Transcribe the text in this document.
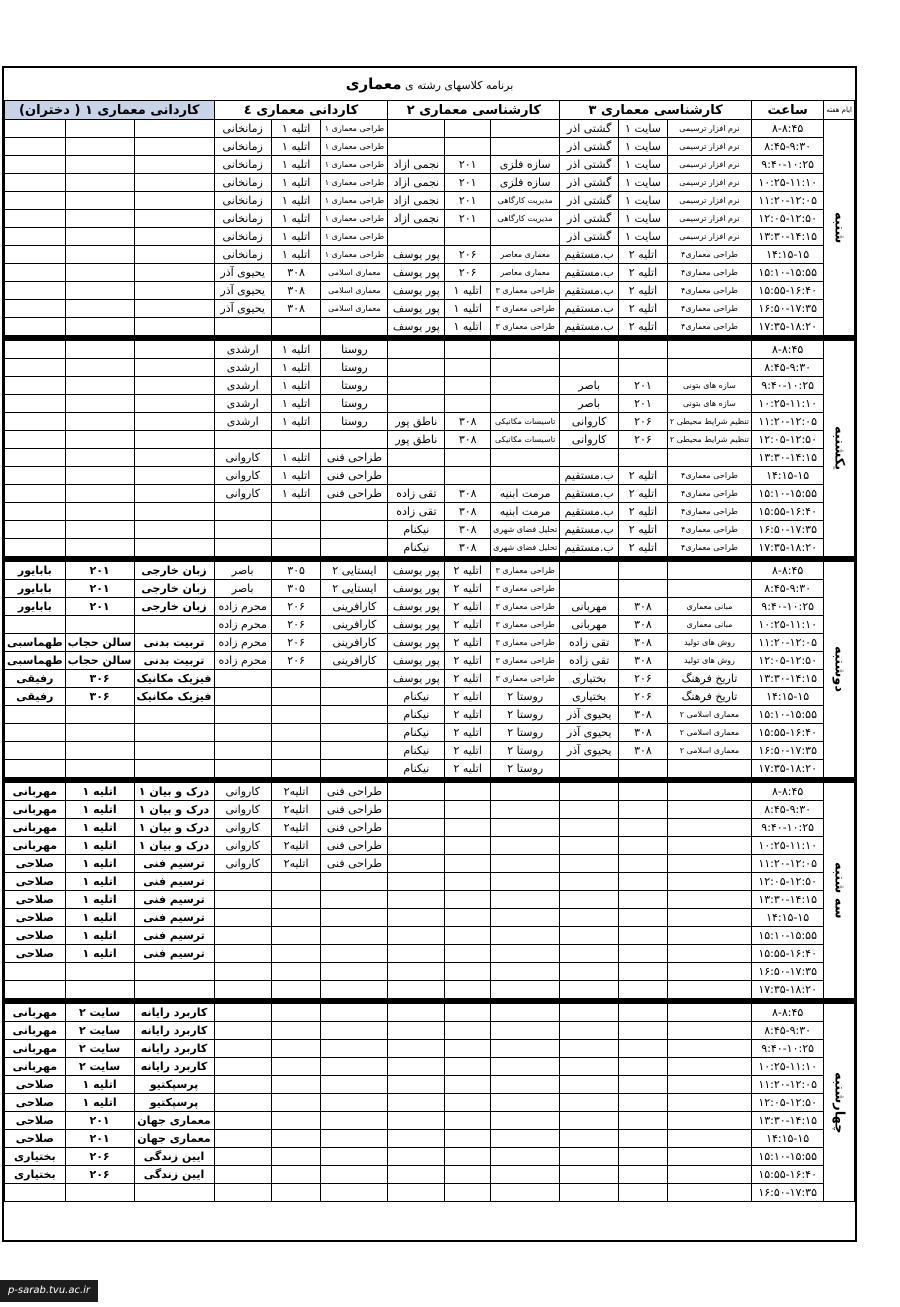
برنامه کلاسهای رشته ی معماری
ایام هفته	ساعت	کارشناسی معماری ۳			کارشناسی معماری ۲			کاردانی معماری ٤			کاردانی معماری ۱ ( دختران)		
شنبه	۸-۸:۴۵	نرم افزار ترسیمی	سایت ۱	گشتی اذر				طراحی معماری ۱	اتلیه ۱	زمانخانی			
	۸:۴۵-۹:۳۰	نرم افزار ترسیمی	سایت ۱	گشتی اذر				طراحی معماری ۱	اتلیه ۱	زمانخانی			
	۹:۴۰-۱۰:۲۵	نرم افزار ترسیمی	سایت ۱	گشتی اذر	سازه فلزی	۲۰۱	نجمی ازاد	طراحی معماری ۱	اتلیه ۱	زمانخانی			
	۱۰:۲۵-۱۱:۱۰	نرم افزار ترسیمی	سایت ۱	گشتی اذر	سازه فلزی	۲۰۱	نجمی ازاد	طراحی معماری ۱	اتلیه ۱	زمانخانی			
	۱۱:۲۰-۱۲:۰۵	نرم افزار ترسیمی	سایت ۱	گشتی اذر	مدیریت کارگاهی	۲۰۱	نجمی ازاد	طراحی معماری ۱	اتلیه ۱	زمانخانی			
	۱۲:۰۵-۱۲:۵۰	نرم افزار ترسیمی	سایت ۱	گشتی اذر	مدیریت کارگاهی	۲۰۱	نجمی ازاد	طراحی معماری ۱	اتلیه ۱	زمانخانی			
	۱۳:۳۰-۱۴:۱۵	نرم افزار ترسیمی	سایت ۱	گشتی اذر				طراحی معماری ۱	اتلیه ۱	زمانخانی			
	۱۴:۱۵-۱۵	طراحی معماری۴	اتلیه ۲	ب.مستقیم	معماری معاصر	۲۰۶	پور یوسف	طراحی معماری ۱	اتلیه ۱	زمانخانی			
	۱۵:۱۰-۱۵:۵۵	طراحی معماری۴	اتلیه ۲	ب.مستقیم	معماری معاصر	۲۰۶	پور یوسف	معماری اسلامی	۳۰۸	یحیوی آذر			
	۱۵:۵۵-۱۶:۴۰	طراحی معماری۴	اتلیه ۲	ب.مستقیم	طراحی معماری ۳	اتلیه ۱	پور یوسف	معماری اسلامی	۳۰۸	یحیوی آذر			
	۱۶:۵۰-۱۷:۳۵	طراحی معماری۴	اتلیه ۲	ب.مستقیم	طراحی معماری ۳	اتلیه ۱	پور یوسف	معماری اسلامی	۳۰۸	یحیوی آذر			
	۱۷:۳۵-۱۸:۲۰	طراحی معماری۴	اتلیه ۲	ب.مستقیم	طراحی معماری ۳	اتلیه ۱	پور یوسف						

یکشنبه	۸-۸:۴۵							روستا	اتلیه ۱	ارشدی			
	۸:۴۵-۹:۳۰							روستا	اتلیه ۱	ارشدی			
	۹:۴۰-۱۰:۲۵	سازه های بتونی	۲۰۱	باصر				روستا	اتلیه ۱	ارشدی			
	۱۰:۲۵-۱۱:۱۰	سازه های بتونی	۲۰۱	باصر				روستا	اتلیه ۱	ارشدی			
	۱۱:۲۰-۱۲:۰۵	تنظیم شرایط محیطی ۲	۲۰۶	کاروانی	تاسیسات مکانیکی	۳۰۸	ناطق پور	روستا	اتلیه ۱	ارشدی			
	۱۲:۰۵-۱۲:۵۰	تنظیم شرایط محیطی ۲	۲۰۶	کاروانی	تاسیسات مکانیکی	۳۰۸	ناطق پور						
	۱۳:۳۰-۱۴:۱۵							طراحی فنی	اتلیه ۱	کاروانی			
	۱۴:۱۵-۱۵	طراحی معماری۴	اتلیه ۲	ب.مستقیم				طراحی فنی	اتلیه ۱	کاروانی			
	۱۵:۱۰-۱۵:۵۵	طراحی معماری۴	اتلیه ۲	ب.مستقیم	مرمت ابنیه	۳۰۸	تقی زاده	طراحی فنی	اتلیه ۱	کاروانی			
	۱۵:۵۵-۱۶:۴۰	طراحی معماری۴	اتلیه ۲	ب.مستقیم	مرمت ابنیه	۳۰۸	تقی زاده						
	۱۶:۵۰-۱۷:۳۵	طراحی معماری۴	اتلیه ۲	ب.مستقیم	تحلیل فضای شهری	۳۰۸	نیکنام						
	۱۷:۳۵-۱۸:۲۰	طراحی معماری۴	اتلیه ۲	ب.مستقیم	تحلیل فضای شهری	۳۰۸	نیکنام						

دوشنبه	۸-۸:۴۵				طراحی معماری ۳	اتلیه ۲	پور یوسف	ایستایی ۲	۳۰۵	باصر	زبان خارجی	۲۰۱	بابایور
	۸:۴۵-۹:۳۰				طراحی معماری ۳	اتلیه ۲	پور یوسف	ایستایی ۲	۳۰۵	باصر	زبان خارجی	۲۰۱	بابایور
	۹:۴۰-۱۰:۲۵	مبانی معماری	۳۰۸	مهربانی	طراحی معماری ۳	اتلیه ۲	پور یوسف	کارافرینی	۲۰۶	محرم زاده	زبان خارجی	۲۰۱	بابایور
	۱۰:۲۵-۱۱:۱۰	مبانی معماری	۳۰۸	مهربانی	طراحی معماری ۳	اتلیه ۲	پور یوسف	کارافرینی	۲۰۶	محرم زاده			
	۱۱:۲۰-۱۲:۰۵	روش های تولید	۳۰۸	تقی زاده	طراحی معماری ۳	اتلیه ۲	پور یوسف	کارافرینی	۲۰۶	محرم زاده	تربیت بدنی	سالن حجاب	طهماسبی
	۱۲:۰۵-۱۲:۵۰	روش های تولید	۳۰۸	تقی زاده	طراحی معماری ۳	اتلیه ۲	پور یوسف	کارافرینی	۲۰۶	محرم زاده	تربیت بدنی	سالن حجاب	طهماسبی
	۱۳:۳۰-۱۴:۱۵	تاریخ فرهنگ	۲۰۶	بختیاری	طراحی معماری ۳	اتلیه ۲	پور یوسف				فیزیک مکانیک	۳۰۶	رفیقی
	۱۴:۱۵-۱۵	تاریخ فرهنگ	۲۰۶	بختیاری	روستا ۲	اتلیه ۲	نیکنام				فیزیک مکانیک	۳۰۶	رفیقی
	۱۵:۱۰-۱۵:۵۵	معماری اسلامی ۲	۳۰۸	یحیوی آذر	روستا ۲	اتلیه ۲	نیکنام						
	۱۵:۵۵-۱۶:۴۰	معماری اسلامی ۲	۳۰۸	یحیوی آذر	روستا ۲	اتلیه ۲	نیکنام						
	۱۶:۵۰-۱۷:۳۵	معماری اسلامی ۲	۳۰۸	یحیوی آذر	روستا ۲	اتلیه ۲	نیکنام						
	۱۷:۳۵-۱۸:۲۰				روستا ۲	اتلیه ۲	نیکنام						

سه شنبه	۸-۸:۴۵							طراحی فنی	اتلیه۲	کاروانی	درک و بیان ۱	اتلیه ۱	مهربانی
	۸:۴۵-۹:۳۰							طراحی فنی	اتلیه۲	کاروانی	درک و بیان ۱	اتلیه ۱	مهربانی
	۹:۴۰-۱۰:۲۵							طراحی فنی	اتلیه۲	کاروانی	درک و بیان ۱	اتلیه ۱	مهربانی
	۱۰:۲۵-۱۱:۱۰							طراحی فنی	اتلیه۲	کاروانی	درک و بیان ۱	اتلیه ۱	مهربانی
	۱۱:۲۰-۱۲:۰۵							طراحی فنی	اتلیه۲	کاروانی	ترسیم فنی	اتلیه ۱	صلاحی
	۱۲:۰۵-۱۲:۵۰										ترسیم فنی	اتلیه ۱	صلاحی
	۱۳:۳۰-۱۴:۱۵										ترسیم فنی	اتلیه ۱	صلاحی
	۱۴:۱۵-۱۵										ترسیم فنی	اتلیه ۱	صلاحی
	۱۵:۱۰-۱۵:۵۵										ترسیم فنی	اتلیه ۱	صلاحی
	۱۵:۵۵-۱۶:۴۰										ترسیم فنی	اتلیه ۱	صلاحی
	۱۶:۵۰-۱۷:۳۵												
	۱۷:۳۵-۱۸:۲۰												

چهارشنبه	۸-۸:۴۵										کاربرد رایانه	سایت ۲	مهربانی
	۸:۴۵-۹:۳۰										کاربرد رایانه	سایت ۲	مهربانی
	۹:۴۰-۱۰:۲۵										کاربرد رایانه	سایت ۲	مهربانی
	۱۰:۲۵-۱۱:۱۰										کاربرد رایانه	سایت ۲	مهربانی
	۱۱:۲۰-۱۲:۰۵										پرسپکتیو	اتلیه ۱	صلاحی
	۱۲:۰۵-۱۲:۵۰										پرسپکتیو	اتلیه ۱	صلاحی
	۱۳:۳۰-۱۴:۱۵										معماری جهان	۲۰۱	صلاحی
	۱۴:۱۵-۱۵										معماری جهان	۲۰۱	صلاحی
	۱۵:۱۰-۱۵:۵۵										ایین زندگی	۲۰۶	بختیاری
	۱۵:۵۵-۱۶:۴۰										ایین زندگی	۲۰۶	بختیاری
	۱۶:۵۰-۱۷:۳۵												
p-sarab.tvu.ac.ir
